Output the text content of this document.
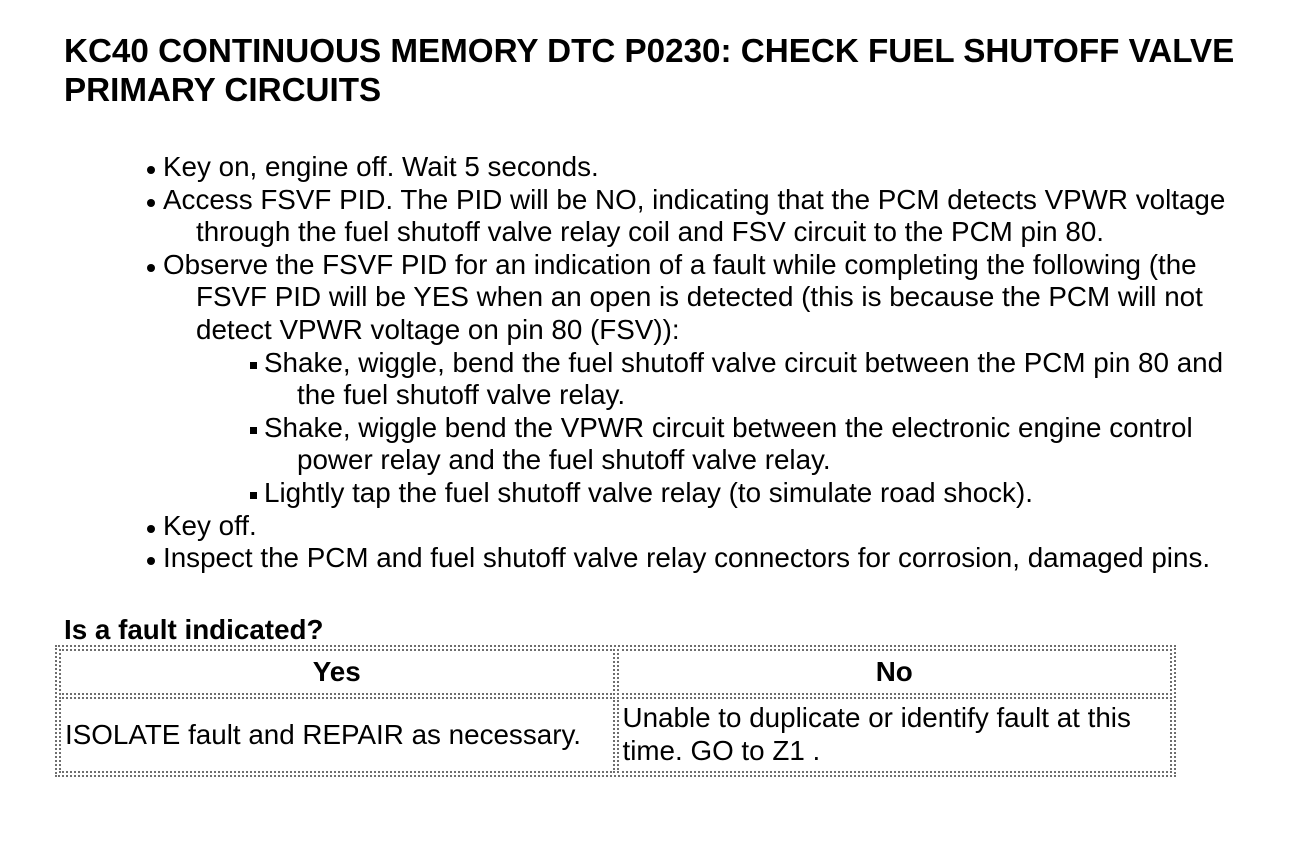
KC40 CONTINUOUS MEMORY DTC P0230: CHECK FUEL SHUTOFF VALVE PRIMARY CIRCUITS
Key on, engine off. Wait 5 seconds.
Access FSVF PID. The PID will be NO, indicating that the PCM detects VPWR voltage
through the fuel shutoff valve relay coil and FSV circuit to the PCM pin 80.
Observe the FSVF PID for an indication of a fault while completing the following (the
FSVF PID will be YES when an open is detected (this is because the PCM will not
detect VPWR voltage on pin 80 (FSV)):
Shake, wiggle, bend the fuel shutoff valve circuit between the PCM pin 80 and
the fuel shutoff valve relay.
Shake, wiggle bend the VPWR circuit between the electronic engine control
power relay and the fuel shutoff valve relay.
Lightly tap the fuel shutoff valve relay (to simulate road shock).
Key off.
Inspect the PCM and fuel shutoff valve relay connectors for corrosion, damaged pins.

Is a fault indicated?

Yes	No
ISOLATE fault and REPAIR as necessary.	Unable to duplicate or identify fault at this
time. GO to Z1 .
